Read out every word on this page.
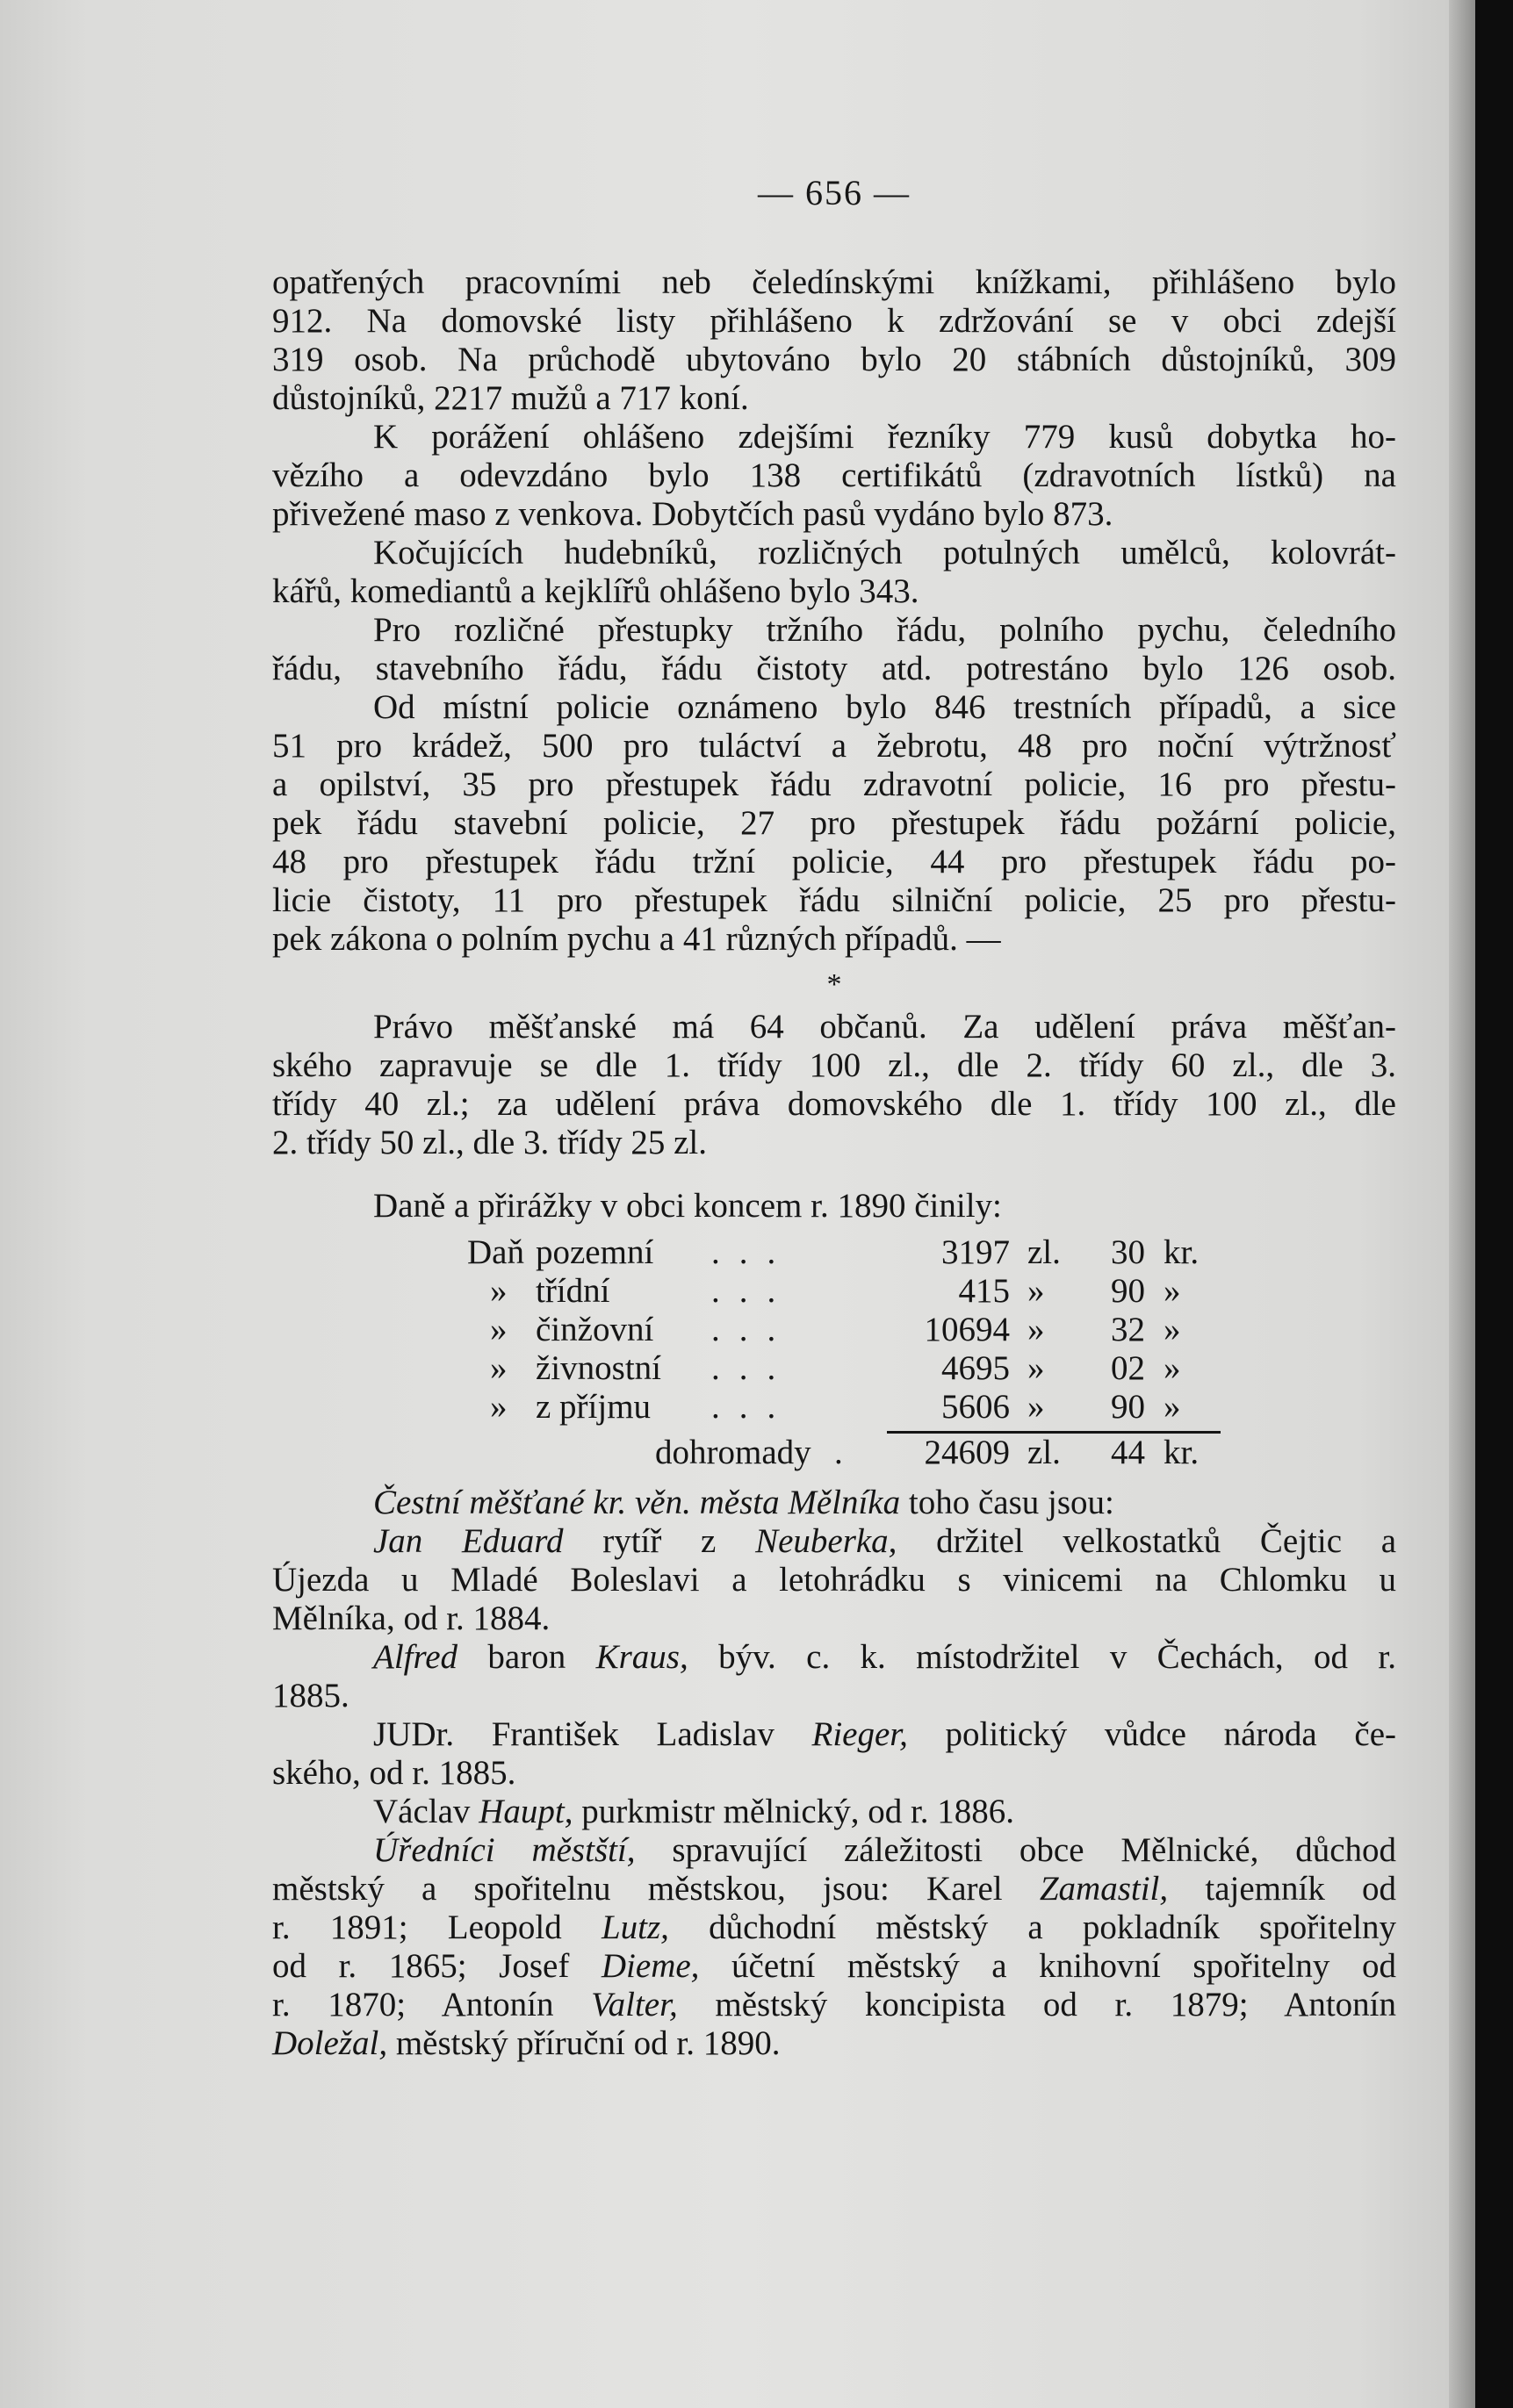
— 656 —
opatřených pracovními neb čeledínskými knížkami, přihlášeno bylo
912. Na domovské listy přihlášeno k zdržování se v obci zdejší
319 osob. Na průchodě ubytováno bylo 20 stábních důstojníků, 309
důstojníků, 2217 mužů a 717 koní.
K porážení ohlášeno zdejšími řezníky 779 kusů dobytka ho-
vězího a odevzdáno bylo 138 certifikátů (zdravotních lístků) na
přivežené maso z venkova. Dobytčích pasů vydáno bylo 873.
Kočujících hudebníků, rozličných potulných umělců, kolovrát-
kářů, komediantů a kejklířů ohlášeno bylo 343.
Pro rozličné přestupky tržního řádu, polního pychu, čeledního
řádu, stavebního řádu, řádu čistoty atd. potrestáno bylo 126 osob.
Od místní policie oznámeno bylo 846 trestních případů, a sice
51 pro krádež, 500 pro tuláctví a žebrotu, 48 pro noční výtržnosť
a opilství, 35 pro přestupek řádu zdravotní policie, 16 pro přestu-
pek řádu stavební policie, 27 pro přestupek řádu požární policie,
48 pro přestupek řádu tržní policie, 44 pro přestupek řádu po-
licie čistoty, 11 pro přestupek řádu silniční policie, 25 pro přestu-
pek zákona o polním pychu a 41 různých případů. —
*
Právo měšťanské má 64 občanů. Za udělení práva měšťan-
ského zapravuje se dle 1. třídy 100 zl., dle 2. třídy 60 zl., dle 3.
třídy 40 zl.; za udělení práva domovského dle 1. třídy 100 zl., dle
2. třídy 50 zl., dle 3. třídy 25 zl.
Daně a přirážky v obci koncem r. 1890 činily:
Daň pozemní ...	3197 zl. 30 kr.
» třídní	...	415 » 90 »
» činžovní ...	10694 » 32 »
» živnostní ...	4695 » 02 »
» z příjmu ...	5606 » 90 »
dohromady .	24609 zl. 44 kr.
Čestní měšťané kr. věn. města Mělníka toho času jsou:
Jan Eduard rytíř z Neuberka, držitel velkostatků Čejtic a
Újezda u Mladé Boleslavi a letohrádku s vinicemi na Chlomku u
Mělníka, od r. 1884.
Alfred baron Kraus, býv. c. k. místodržitel v Čechách, od r.
1885.
JUDr. František Ladislav Rieger, politický vůdce národa če-
ského, od r. 1885.
Václav Haupt, purkmistr mělnický, od r. 1886.
Úředníci městští, spravující záležitosti obce Mělnické, důchod
městský a spořitelnu městskou, jsou: Karel Zamastil, tajemník od
r. 1891; Leopold Lutz, důchodní městský a pokladník spořitelny
od r. 1865; Josef Dieme, účetní městský a knihovní spořitelny od
r. 1870; Antonín Valter, městský koncipista od r. 1879; Antonín
Doležal, městský příruční od r. 1890.
